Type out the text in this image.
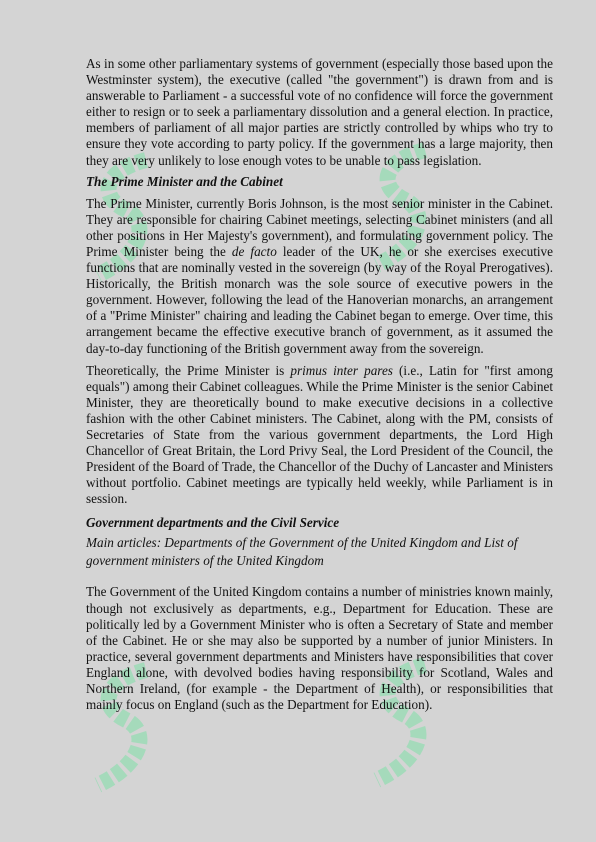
As in some other parliamentary systems of government (especially those based upon the Westminster system), the executive (called "the government") is drawn from and is answerable to Parliament - a successful vote of no confidence will force the government either to resign or to seek a parliamentary dissolution and a general election. In practice, members of parliament of all major parties are strictly controlled by whips who try to ensure they vote according to party policy. If the government has a large majority, then they are very unlikely to lose enough votes to be unable to pass legislation.

The Prime Minister and the Cabinet

The Prime Minister, currently Boris Johnson, is the most senior minister in the Cabinet. They are responsible for chairing Cabinet meetings, selecting Cabinet ministers (and all other positions in Her Majesty's government), and formulating government policy. The Prime Minister being the de facto leader of the UK, he or she exercises executive functions that are nominally vested in the sovereign (by way of the Royal Prerogatives). Historically, the British monarch was the sole source of executive powers in the government. However, following the lead of the Hanoverian monarchs, an arrangement of a "Prime Minister" chairing and leading the Cabinet began to emerge. Over time, this arrangement became the effective executive branch of government, as it assumed the day-to-day functioning of the British government away from the sovereign.

Theoretically, the Prime Minister is primus inter pares (i.e., Latin for "first among equals") among their Cabinet colleagues. While the Prime Minister is the senior Cabinet Minister, they are theoretically bound to make executive decisions in a collective fashion with the other Cabinet ministers. The Cabinet, along with the PM, consists of Secretaries of State from the various government departments, the Lord High Chancellor of Great Britain, the Lord Privy Seal, the Lord President of the Council, the President of the Board of Trade, the Chancellor of the Duchy of Lancaster and Ministers without portfolio. Cabinet meetings are typically held weekly, while Parliament is in session.

Government departments and the Civil Service

Main articles: Departments of the Government of the United Kingdom and List of government ministers of the United Kingdom

The Government of the United Kingdom contains a number of ministries known mainly, though not exclusively as departments, e.g., Department for Education. These are politically led by a Government Minister who is often a Secretary of State and member of the Cabinet. He or she may also be supported by a number of junior Ministers. In practice, several government departments and Ministers have responsibilities that cover England alone, with devolved bodies having responsibility for Scotland, Wales and Northern Ireland, (for example - the Department of Health), or responsibilities that mainly focus on England (such as the Department for Education).
